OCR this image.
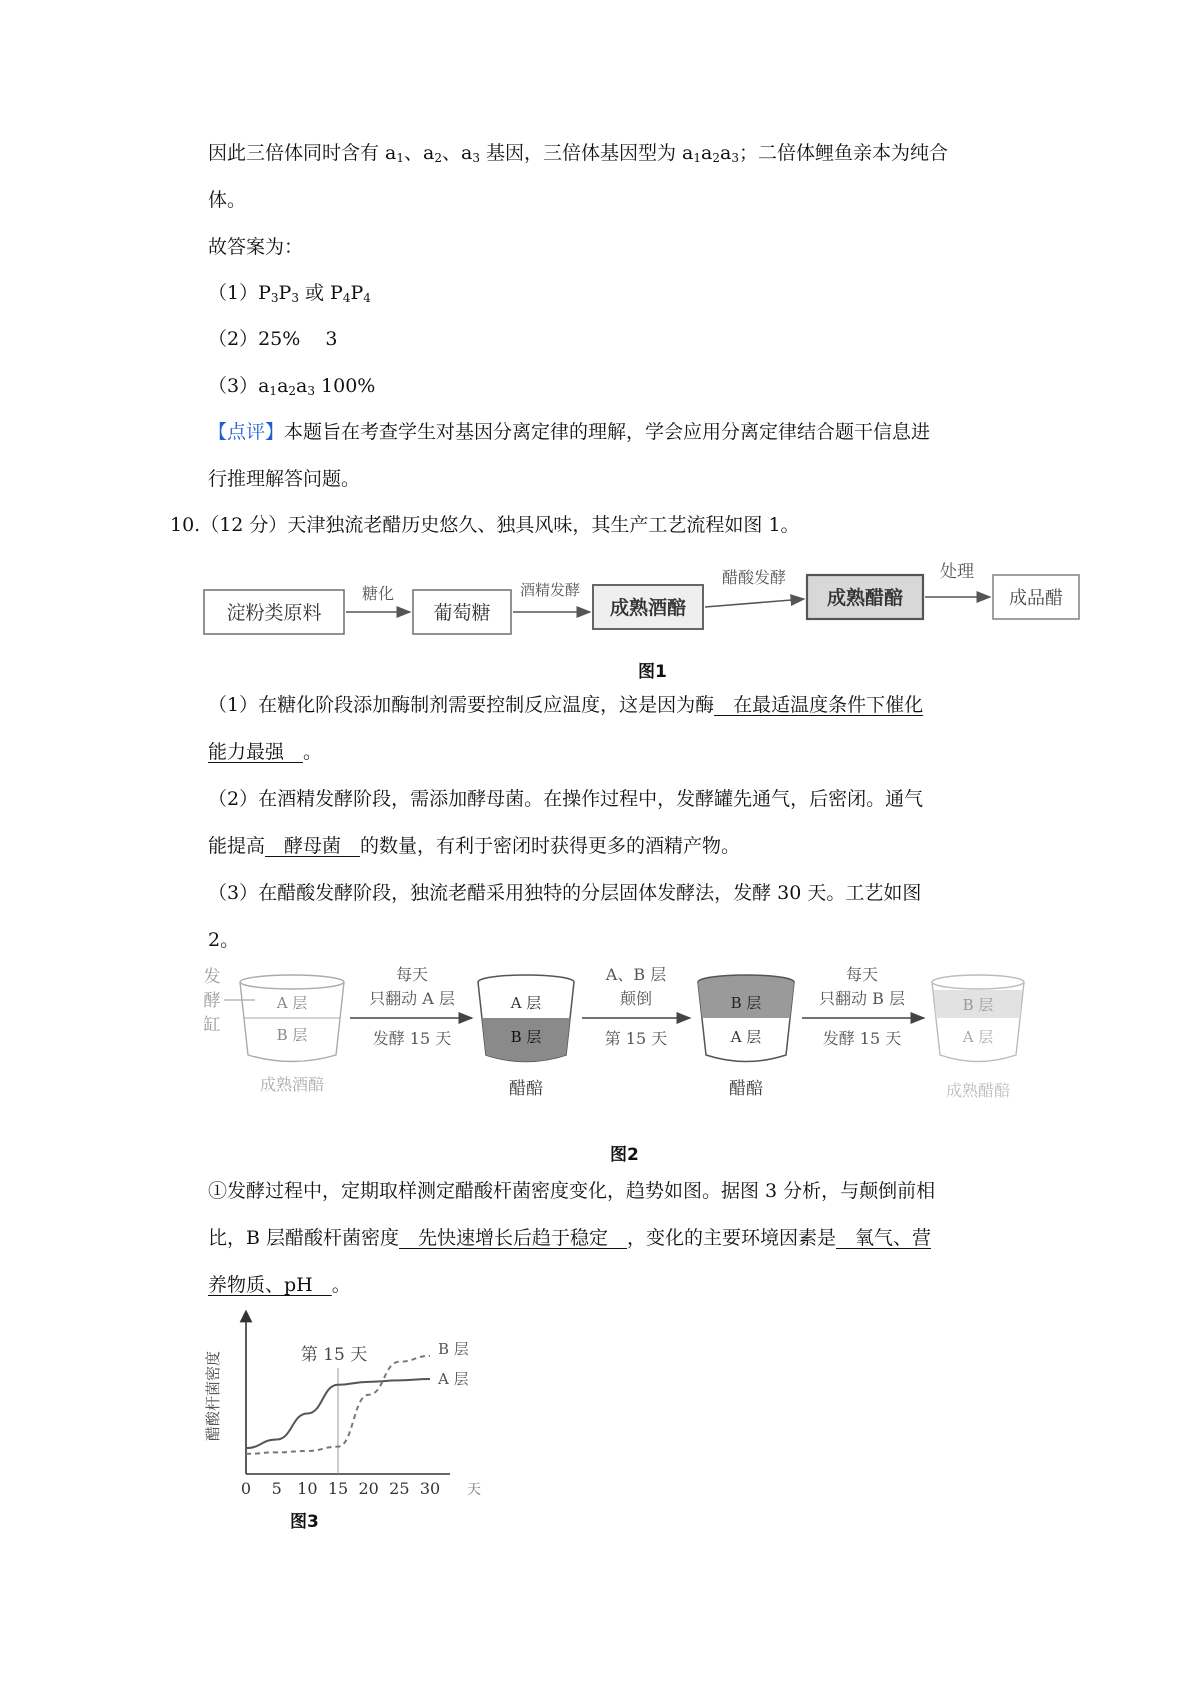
因此三倍体同时含有 $a_1$、$a_2$、$a_3$ 基因，三倍体基因型为 $a_1a_2a_3$；二倍体鲤鱼亲本为纯合
体。
故答案为：
$(1)P_3P_3$ 或 $P_4P_4$
（2）25%　 3
$(3)a_1a_2a_3$ 100%
【点评】本题旨在考查学生对基因分离定律的理解，学会应用分离定律结合题干信息进
行推理解答问题。
10.（12 分）天津独流老醋历史悠久、独具风味，其生产工艺流程如图 1。
淀粉类原料
糖化
葡萄糖
酒精发酵
成熟酒醅
醋酸发酵
成熟醋醅
处理
成品醋
图1
（1）在糖化阶段添加酶制剂需要控制反应温度，这是因为酶　在最适温度条件下催化
能力最强　。
（2）在酒精发酵阶段，需添加酵母菌。在操作过程中，发酵罐先通气，后密闭。通气
能提高　酵母菌　的数量，有利于密闭时获得更多的酒精产物。
（3）在醋酸发酵阶段，独流老醋采用独特的分层固体发酵法，发酵 30 天。工艺如图
2。
发
酵
缸
A 层
B 层
成熟酒醅
每天
只翻动 A 层
发酵 15 天
A 层
B 层
醋醅
A、B 层
颠倒
第 15 天
B 层
A 层
醋醅
每天
只翻动 B 层
发酵 15 天
B 层
A 层
成熟醋醅
图2
①发酵过程中，定期取样测定醋酸杆菌密度变化，趋势如图。据图 3 分析，与颠倒前相
比，B 层醋酸杆菌密度　先快速增长后趋于稳定　，变化的主要环境因素是　氧气、营
养物质、pH　。
醋酸杆菌密度
天
第 15 天
0 5 10 15 20 25 30
B 层
A 层
图3
